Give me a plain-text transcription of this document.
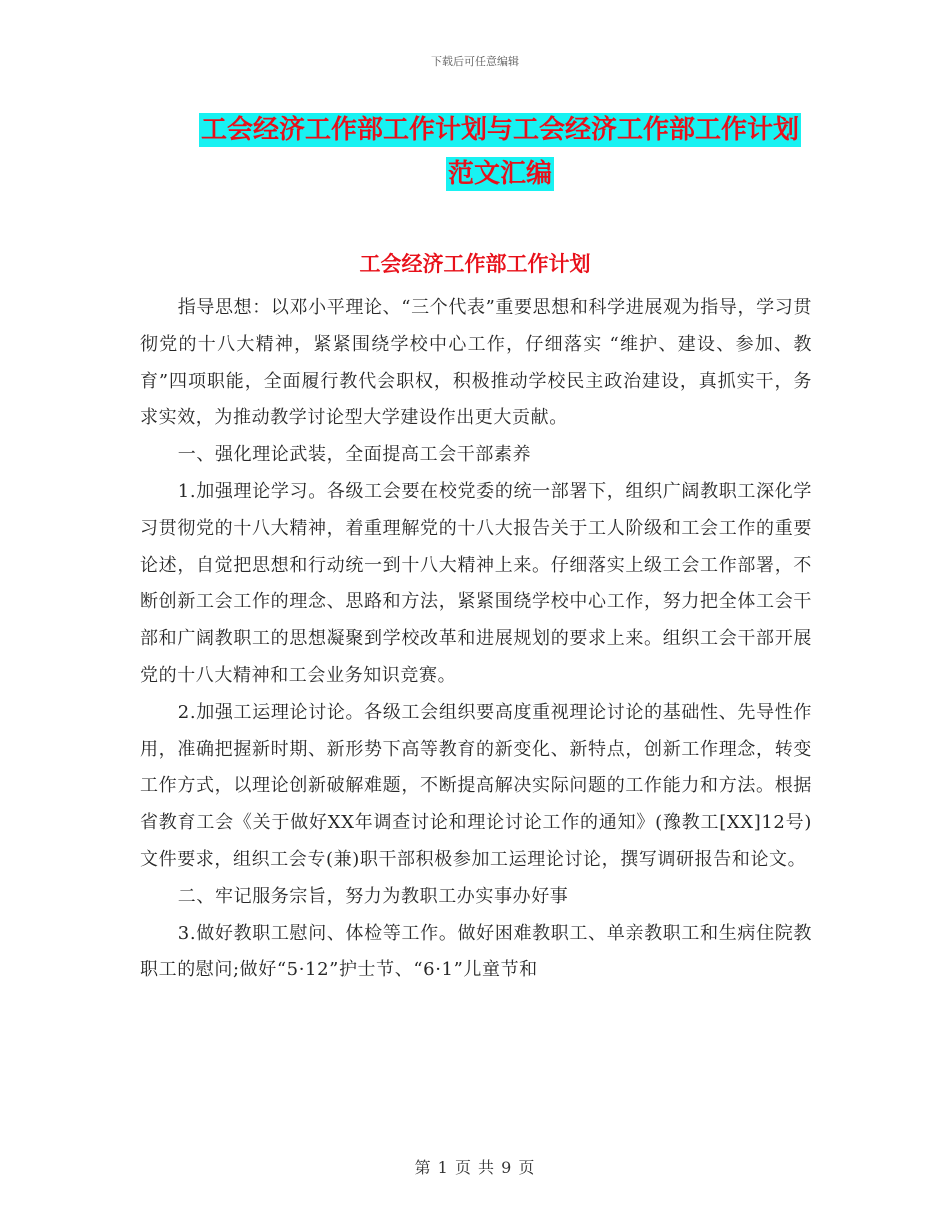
下载后可任意编辑
工会经济工作部工作计划与工会经济工作部工作计划
范文汇编
工会经济工作部工作计划

指导思想：以邓小平理论、“三个代表”重要思想和科学进展观为指导，学习贯彻党的十八大精神，紧紧围绕学校中心工作，仔细落实 “维护、建设、参加、教育”四项职能，全面履行教代会职权，积极推动学校民主政治建设，真抓实干，务求实效，为推动教学讨论型大学建设作出更大贡献。

一、强化理论武装，全面提高工会干部素养

1.加强理论学习。各级工会要在校党委的统一部署下，组织广阔教职工深化学习贯彻党的十八大精神，着重理解党的十八大报告关于工人阶级和工会工作的重要论述，自觉把思想和行动统一到十八大精神上来。仔细落实上级工会工作部署，不断创新工会工作的理念、思路和方法，紧紧围绕学校中心工作，努力把全体工会干部和广阔教职工的思想凝聚到学校改革和进展规划的要求上来。组织工会干部开展党的十八大精神和工会业务知识竞赛。

2.加强工运理论讨论。各级工会组织要高度重视理论讨论的基础性、先导性作用，准确把握新时期、新形势下高等教育的新变化、新特点，创新工作理念，转变工作方式，以理论创新破解难题，不断提高解决实际问题的工作能力和方法。根据省教育工会《关于做好XX年调查讨论和理论讨论工作的通知》(豫教工[XX]12号)文件要求，组织工会专(兼)职干部积极参加工运理论讨论，撰写调研报告和论文。

二、牢记服务宗旨，努力为教职工办实事办好事

3.做好教职工慰问、体检等工作。做好困难教职工、单亲教职工和生病住院教职工的慰问;做好“5·12”护士节、“6·1”儿童节和

第 1 页 共 9 页
